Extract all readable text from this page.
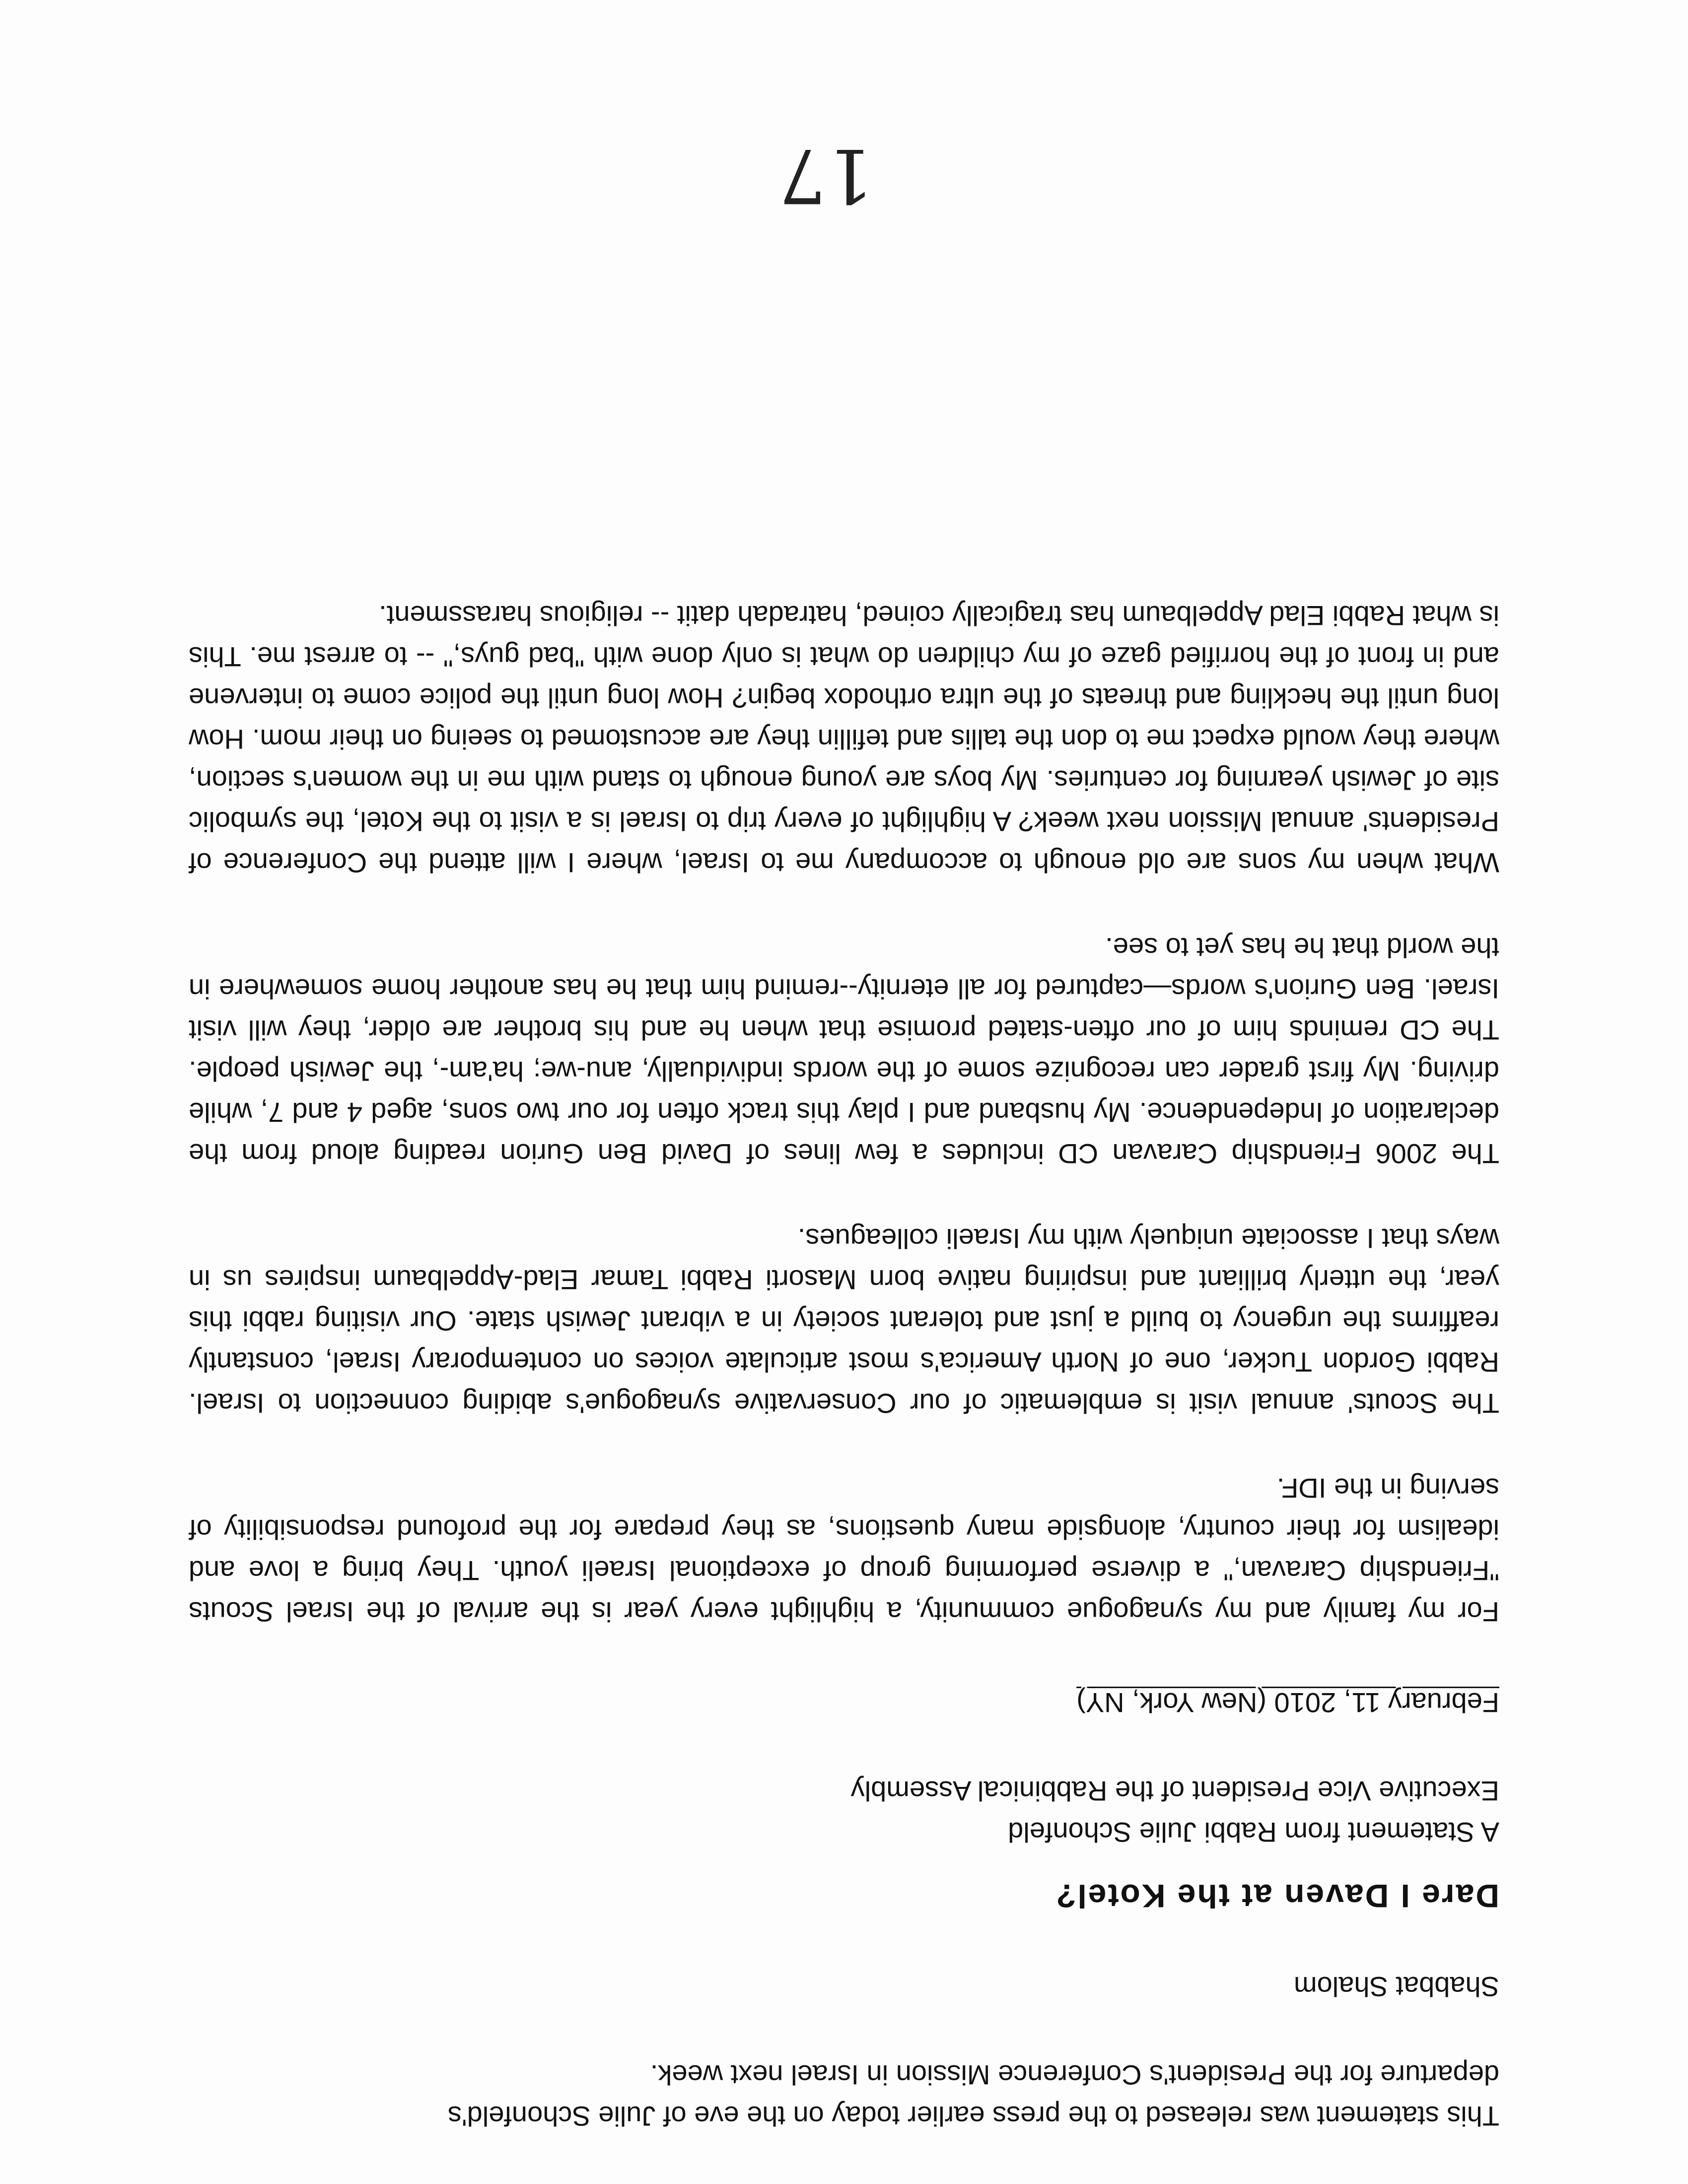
This statement was released to the press earlier today on the eve of Julie Schonfeld's
departure for the President's Conference Mission in Israel next week.

Shabbat Shalom

Dare I Daven at the Kotel?

A Statement from Rabbi Julie Schonfeld

Executive Vice President of the Rabbinical Assembly

February 11, 2010 (New York, NY)

For my family and my synagogue community, a highlight every year is the arrival of the Israel Scouts "Friendship Caravan," a diverse performing group of exceptional Israeli youth. They bring a love and idealism for their country, alongside many questions, as they prepare for the profound responsibility of serving in the IDF.

The Scouts' annual visit is emblematic of our Conservative synagogue's abiding connection to Israel. Rabbi Gordon Tucker, one of North America's most articulate voices on contemporary Israel, constantly reaffirms the urgency to build a just and tolerant society in a vibrant Jewish state. Our visiting rabbi this year, the utterly brilliant and inspiring native born Masorti Rabbi Tamar Elad-Appelbaum inspires us in ways that I associate uniquely with my Israeli colleagues.

The 2006 Friendship Caravan CD includes a few lines of David Ben Gurion reading aloud from the declaration of Independence. My husband and I play this track often for our two sons, aged 4 and 7, while driving. My first grader can recognize some of the words individually, anu-we; ha'am-, the Jewish people. The CD reminds him of our often-stated promise that when he and his brother are older, they will visit Israel. Ben Gurion's words—captured for all eternity--remind him that he has another home somewhere in the world that he has yet to see.

What when my sons are old enough to accompany me to Israel, where I will attend the Conference of Presidents' annual Mission next week? A highlight of every trip to Israel is a visit to the Kotel, the symbolic site of Jewish yearning for centuries. My boys are young enough to stand with me in the women's section, where they would expect me to don the tallis and tefillin they are accustomed to seeing on their mom. How long until the heckling and threats of the ultra orthodox begin? How long until the police come to intervene and in front of the horrified gaze of my children do what is only done with "bad guys," -- to arrest me. This is what Rabbi Elad Appelbaum has tragically coined, hatradah datit -- religious harassment.

17
